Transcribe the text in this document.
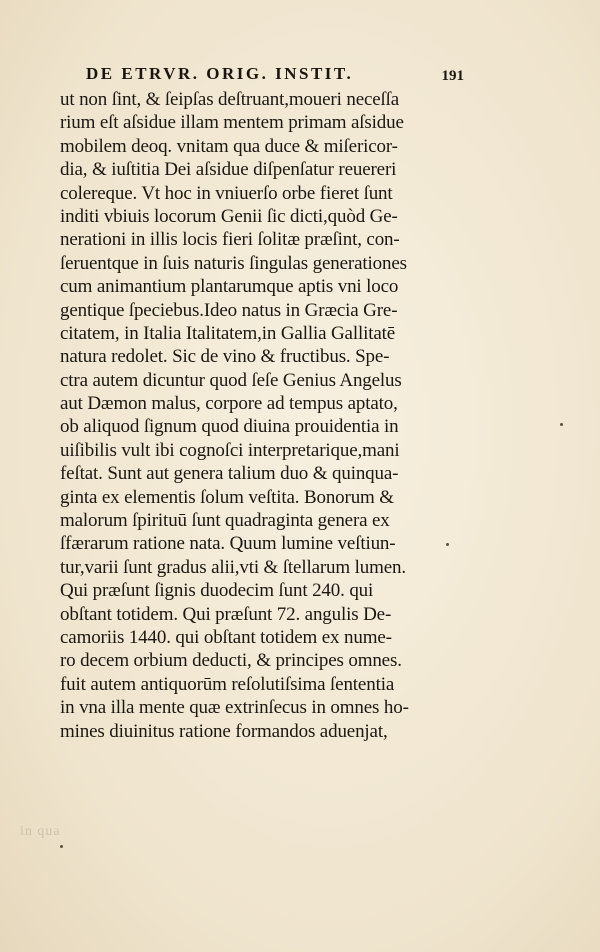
DE ETRVR. ORIG. INSTIT.	191
ut non ſint, & ſeipſas deſtruant,moueri neceſſa
rium eſt aſsidue illam mentem primam aſsidue
mobilem deoq. vnitam qua duce & miſericor-
dia, & iuſtitia Dei aſsidue diſpenſatur reuereri
colereque. Vt hoc in vniuerſo orbe fieret ſunt
inditi vbiuis locorum Genii ſic dicti,quòd Ge-
nerationi in illis locis fieri ſolitæ præſint, con-
ſeruentque in ſuis naturis ſingulas generationes
cum animantium plantarumque aptis vni loco
gentique ſpeciebus.Ideo natus in Græcia Gre-
citatem, in Italia Italitatem,in Gallia Gallitatē
natura redolet. Sic de vino & fructibus. Spe-
ctra autem dicuntur quod ſeſe Genius Angelus
aut Dæmon malus, corpore ad tempus aptato,
ob aliquod ſignum quod diuina prouidentia in
uiſibilis vult ibi cognoſci interpretarique,mani
feſtat. Sunt aut genera talium duo & quinqua-
ginta ex elementis ſolum veſtita. Bonorum &
malorum ſpirituū ſunt quadraginta genera ex
ſfærarum ratione nata. Quum lumine veſtiun-
tur,varii ſunt gradus alii,vti & ſtellarum lumen.
Qui præſunt ſignis duodecim ſunt 240. qui
obſtant totidem. Qui præſunt 72. angulis De-
camoriis 1440. qui obſtant totidem ex nume-
ro decem orbium deducti, & principes omnes.
fuit autem antiquorūm reſolutiſsima ſententia
in vna illa mente quæ extrinſecus in omnes ho-
mines diuinitus ratione formandos aduenjat,
in qua
